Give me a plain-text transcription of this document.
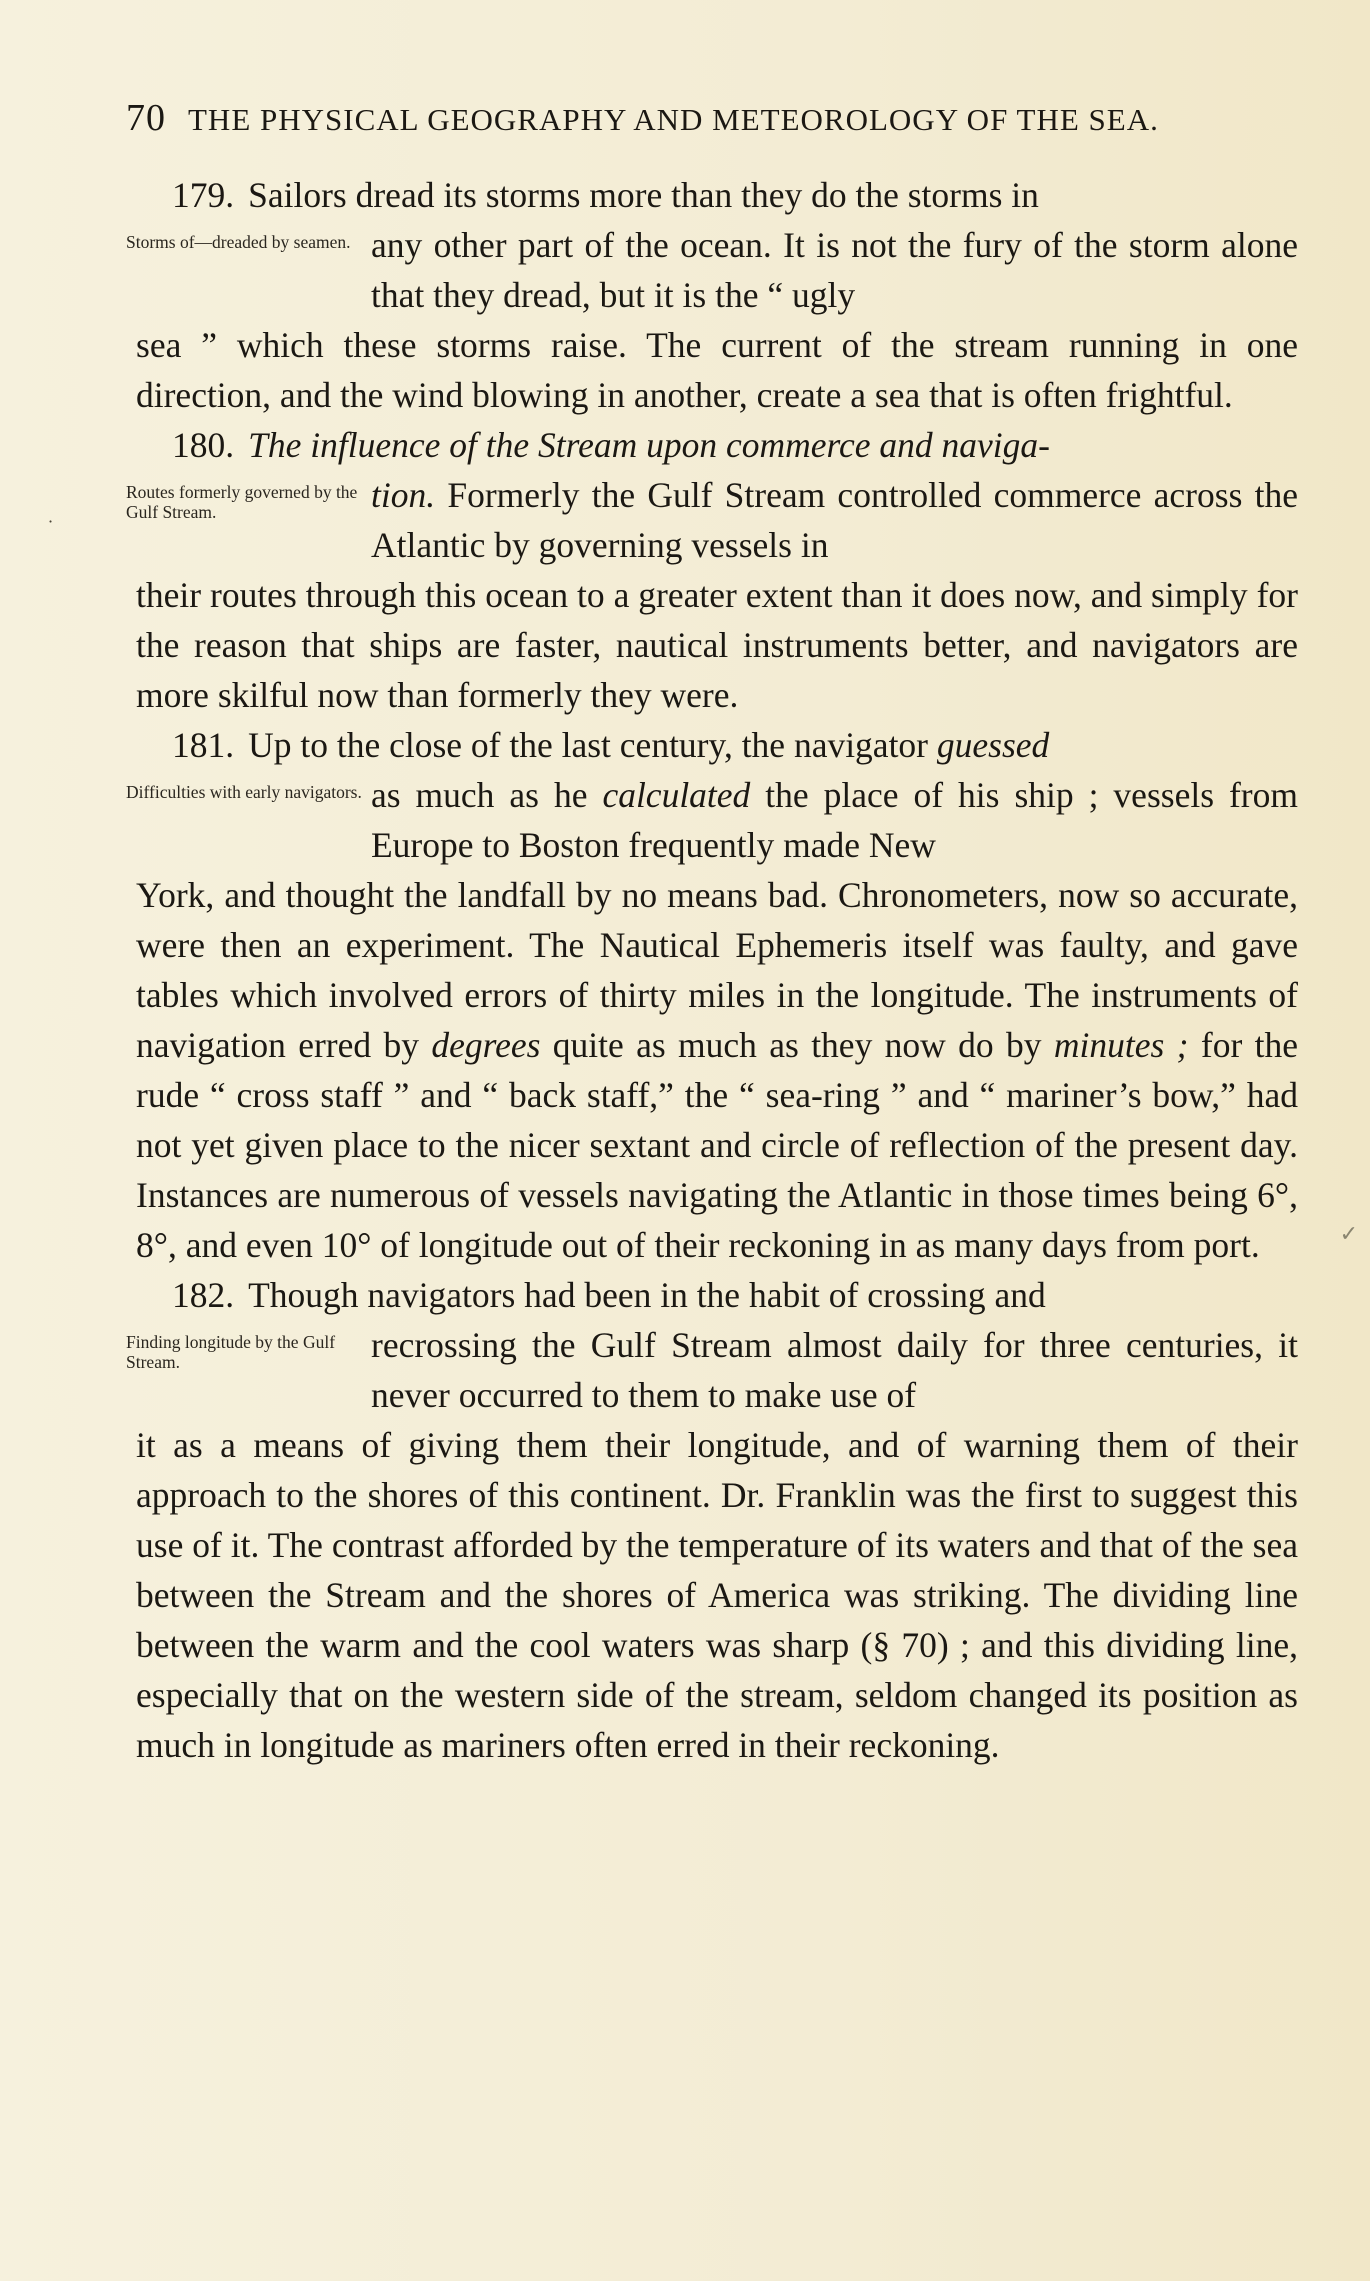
70 THE PHYSICAL GEOGRAPHY AND METEOROLOGY OF THE SEA.
·
✓
179. Sailors dread its storms more than they do the storms in
Storms of—dreaded by seamen. any other part of the ocean. It is not the fury of the storm alone that they dread, but it is the “ ugly
sea ” which these storms raise. The current of the stream running in one direction, and the wind blowing in another, create a sea that is often frightful.
180. The influence of the Stream upon commerce and naviga-
Routes formerly governed by the Gulf Stream.	tion. Formerly the Gulf Stream controlled commerce across the Atlantic by governing vessels in
their routes through this ocean to a greater extent than it does now, and simply for the reason that ships are faster, nautical instruments better, and navigators are more skilful now than formerly they were.
181. Up to the close of the last century, the navigator guessed
Difficulties with early navigators. as much as he calculated the place of his ship ; vessels from Europe to Boston frequently made New
York, and thought the landfall by no means bad. Chronometers, now so accurate, were then an experiment. The Nautical Ephemeris itself was faulty, and gave tables which involved errors of thirty miles in the longitude. The instruments of navigation erred by degrees quite as much as they now do by minutes ; for the rude “ cross staff ” and “ back staff,” the “ sea-ring ” and “ mariner’s bow,” had not yet given place to the nicer sextant and circle of reflection of the present day. Instances are numerous of vessels navigating the Atlantic in those times being 6°, 8°, and even 10° of longitude out of their reckoning in as many days from port.
182. Though navigators had been in the habit of crossing and
Finding longitude by the Gulf Stream.	recrossing the Gulf Stream almost daily for three centuries, it never occurred to them to make use of
it as a means of giving them their longitude, and of warning them of their approach to the shores of this continent. Dr. Franklin was the first to suggest this use of it. The contrast afforded by the temperature of its waters and that of the sea between the Stream and the shores of America was striking. The dividing line between the warm and the cool waters was sharp (§ 70) ; and this dividing line, especially that on the western side of the stream, seldom changed its position as much in longitude as mariners often erred in their reckoning.
